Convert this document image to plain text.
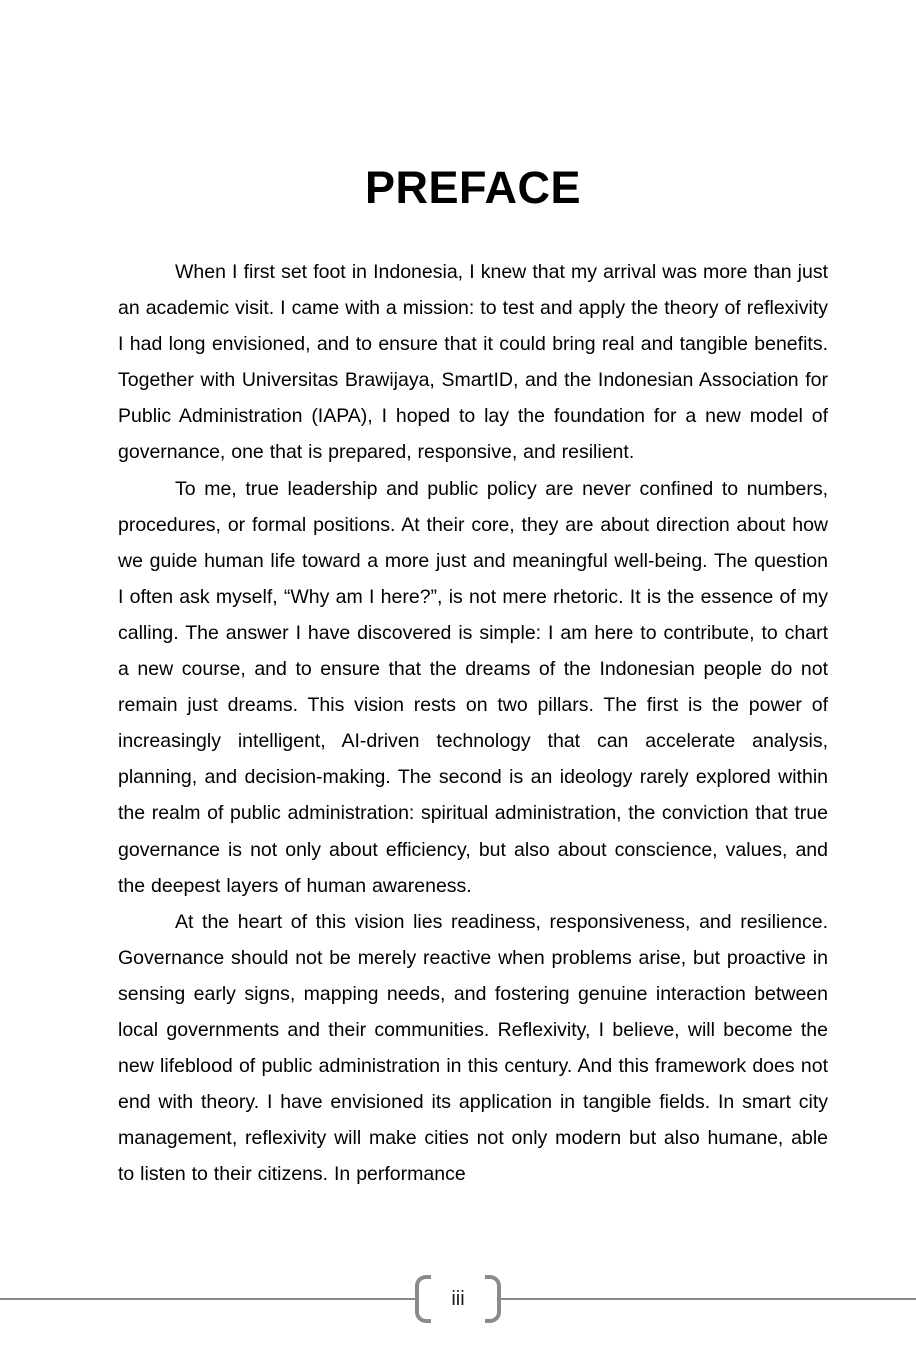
PREFACE

When I first set foot in Indonesia, I knew that my arrival was more than just an academic visit. I came with a mission: to test and apply the theory of reflexivity I had long envisioned, and to ensure that it could bring real and tangible benefits. Together with Universitas Brawijaya, SmartID, and the Indonesian Association for Public Administration (IAPA), I hoped to lay the foundation for a new model of governance, one that is prepared, responsive, and resilient.

To me, true leadership and public policy are never confined to numbers, procedures, or formal positions. At their core, they are about direction about how we guide human life toward a more just and meaningful well-being. The question I often ask myself, “Why am I here?”, is not mere rhetoric. It is the essence of my calling. The answer I have discovered is simple: I am here to contribute, to chart a new course, and to ensure that the dreams of the Indonesian people do not remain just dreams. This vision rests on two pillars. The first is the power of increasingly intelligent, AI-driven technology that can accelerate analysis, planning, and decision-making. The second is an ideology rarely explored within the realm of public administration: spiritual administration, the conviction that true governance is not only about efficiency, but also about conscience, values, and the deepest layers of human awareness.

At the heart of this vision lies readiness, responsiveness, and resilience. Governance should not be merely reactive when problems arise, but proactive in sensing early signs, mapping needs, and fostering genuine interaction between local governments and their communities. Reflexivity, I believe, will become the new lifeblood of public administration in this century. And this framework does not end with theory. I have envisioned its application in tangible fields. In smart city management, reflexivity will make cities not only modern but also humane, able to listen to their citizens. In performance

iii
